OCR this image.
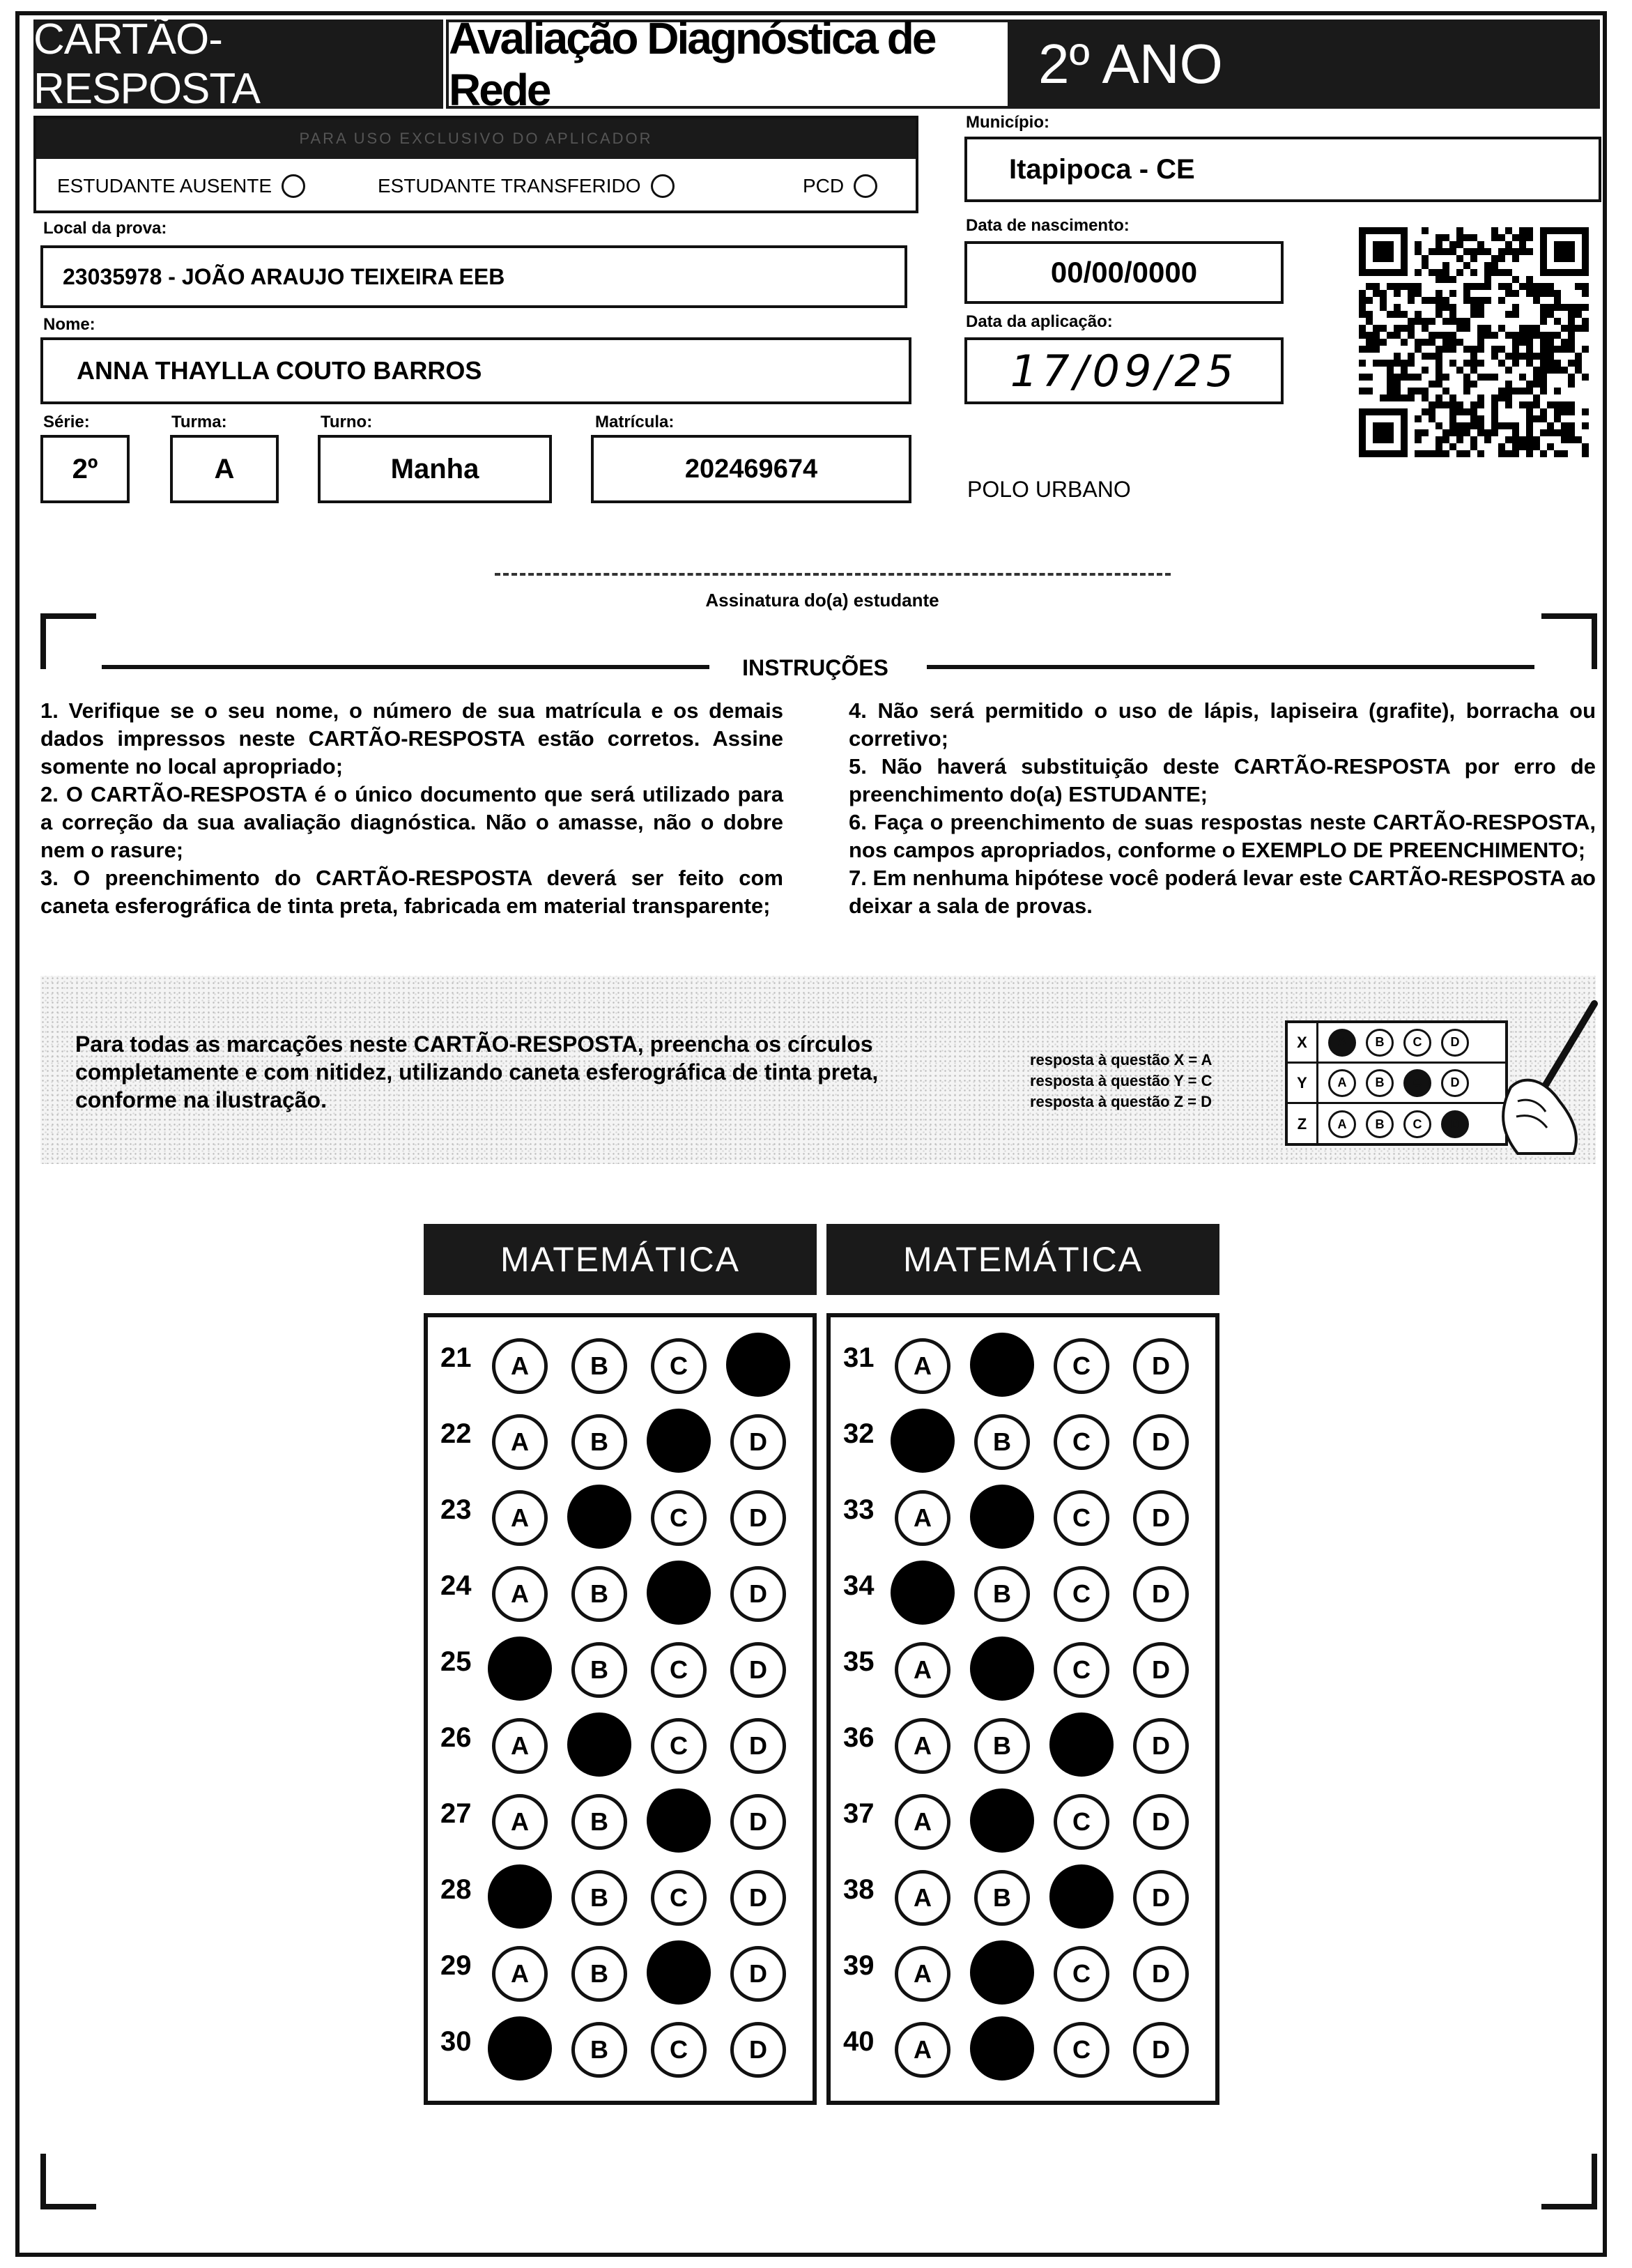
CARTÃO-RESPOSTA
Avaliação Diagnóstica de Rede	2º ANO
PARA USO EXCLUSIVO DO APLICADOR
ESTUDANTE AUSENTE	ESTUDANTE TRANSFERIDO	PCD
Município:
Itapipoca - CE
Local da prova:
23035978 - JOÃO ARAUJO TEIXEIRA EEB
Data de nascimento:
00/00/0000
Nome:
ANNA THAYLLA COUTO BARROS
Data da aplicação:
17/09/25
Série:
2º
Turma:
A
Turno:
Manha
Matrícula:
202469674
POLO URBANO
Assinatura do(a) estudante
INSTRUÇÕES

1. Verifique se o seu nome, o número de sua matrícula e os demais dados impressos neste CARTÃO-RESPOSTA estão corretos. Assine somente no local apropriado;

2. O CARTÃO-RESPOSTA é o único documento que será utilizado para a correção da sua avaliação diagnóstica. Não o amasse, não o dobre nem o rasure;

3. O preenchimento do CARTÃO-RESPOSTA deverá ser feito com caneta esferográfica de tinta preta, fabricada em material transparente;

4. Não será permitido o uso de lápis, lapiseira (grafite), borracha ou corretivo;

5. Não haverá substituição deste CARTÃO-RESPOSTA por erro de preenchimento do(a) ESTUDANTE;

6. Faça o preenchimento de suas respostas neste CARTÃO-RESPOSTA, nos campos apropriados, conforme o EXEMPLO DE PREENCHIMENTO;

7. Em nenhuma hipótese você poderá levar este CARTÃO-RESPOSTA ao deixar a sala de provas.

Para todas as marcações neste CARTÃO-RESPOSTA, preencha os círculos completamente e com nitidez, utilizando caneta esferográfica de tinta preta, conforme na ilustração.
resposta à questão X = A
resposta à questão Y = C
resposta à questão Z = D
X	A	B	C	D
Y	A	B	C	D
Z	A	B	C	D
MATEMÁTICA	MATEMÁTICA
21	A	B	C	D
22	A	B	C	D
23	A	B	C	D
24	A	B	C	D
25	A	B	C	D
26	A	B	C	D
27	A	B	C	D
28	A	B	C	D
29	A	B	C	D
30	A	B	C	D
31	A	B	C	D
32	A	B	C	D
33	A	B	C	D
34	A	B	C	D
35	A	B	C	D
36	A	B	C	D
37	A	B	C	D
38	A	B	C	D
39	A	B	C	D
40	A	B	C	D
